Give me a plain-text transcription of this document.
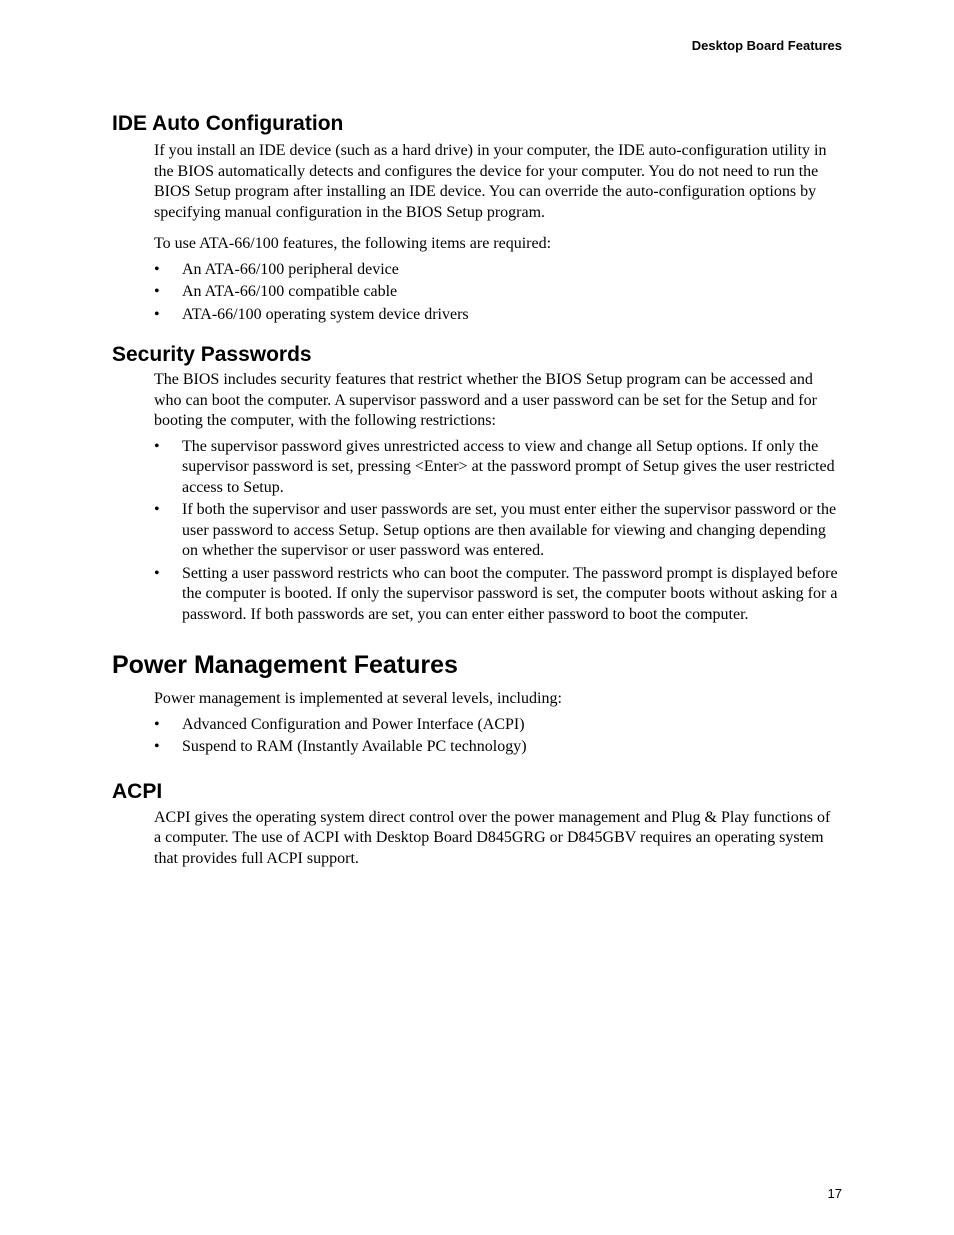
Desktop Board Features

IDE Auto Configuration

If you install an IDE device (such as a hard drive) in your computer, the IDE auto-configuration utility in the BIOS automatically detects and configures the device for your computer. You do not need to run the BIOS Setup program after installing an IDE device. You can override the auto-configuration options by specifying manual configuration in the BIOS Setup program.

To use ATA-66/100 features, the following items are required:

• An ATA-66/100 peripheral device
• An ATA-66/100 compatible cable
• ATA-66/100 operating system device drivers
Security Passwords

The BIOS includes security features that restrict whether the BIOS Setup program can be accessed and who can boot the computer. A supervisor password and a user password can be set for the Setup and for booting the computer, with the following restrictions:

• The supervisor password gives unrestricted access to view and change all Setup options. If only the supervisor password is set, pressing <Enter> at the password prompt of Setup gives the user restricted access to Setup.
• If both the supervisor and user passwords are set, you must enter either the supervisor password or the user password to access Setup. Setup options are then available for viewing and changing depending on whether the supervisor or user password was entered.
• Setting a user password restricts who can boot the computer. The password prompt is displayed before the computer is booted. If only the supervisor password is set, the computer boots without asking for a password. If both passwords are set, you can enter either password to boot the computer.
Power Management Features

Power management is implemented at several levels, including:

• Advanced Configuration and Power Interface (ACPI)
• Suspend to RAM (Instantly Available PC technology)
ACPI

ACPI gives the operating system direct control over the power management and Plug & Play functions of a computer. The use of ACPI with Desktop Board D845GRG or D845GBV requires an operating system that provides full ACPI support.

17
